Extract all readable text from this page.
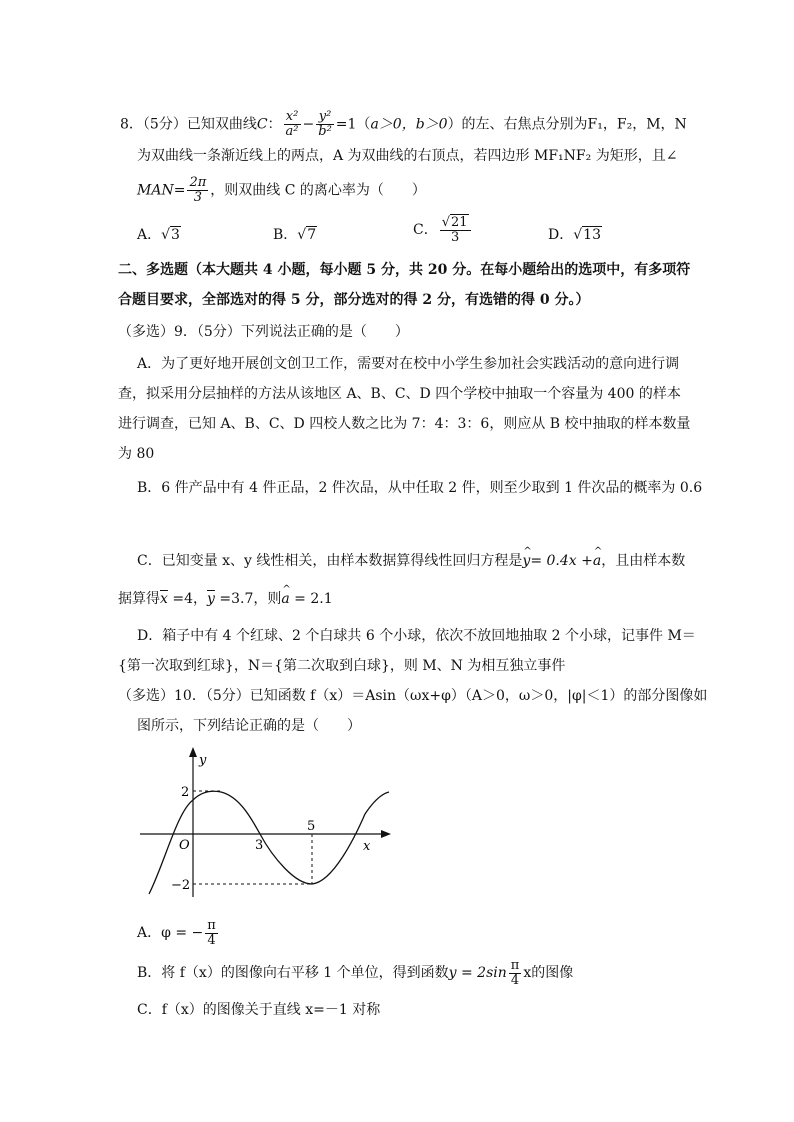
8．（5分）已知双曲线C： $\frac{\text{x²}}{\text{a²}} - \frac{\text{y²}}{\text{b²}} =1(a>0$，b＞0）的左、右焦点分别为F₁，F₂，M，N
为双曲线一条渐近线上的两点，A 为双曲线的右顶点，若四边形 MF₁NF₂ 为矩形，且∠
$MAN= \frac{2\pi}{3}$ ，则双曲线 C 的离心率为（　　）
A．√3	B．√7	C． $\frac{√21}{3}$	D．√13
二、多选题（本大题共 4 小题，每小题 5 分，共 20 分。在每小题给出的选项中，有多项符
合题目要求，全部选对的得 5 分，部分选对的得 2 分，有选错的得 0 分。）
（多选）9．（5分）下列说法正确的是（　　）
A．为了更好地开展创文创卫工作，需要对在校中小学生参加社会实践活动的意向进行调
查，拟采用分层抽样的方法从该地区 A、B、C、D 四个学校中抽取一个容量为 400 的样本
进行调查，已知 A、B、C、D 四校人数之比为 7：4：3：6，则应从 B 校中抽取的样本数量
为 80
B．6 件产品中有 4 件正品，2 件次品，从中任取 2 件，则至少取到 1 件次品的概率为 0.6
C．已知变量 x、y 线性相关，由样本数据算得线性回归方程是^ y= 0.4x +^ a，且由样本数
据算得$\overline{x} =4$，$\overline{y} =3.7$，则^ a = 2.1
D．箱子中有 4 个红球、2 个白球共 6 个小球，依次不放回地抽取 2 个小球，记事件 M＝
{第一次取到红球}，N＝{第二次取到白球}，则 M、N 为相互独立事件
（多选）10．（5分）已知函数 f（x）＝Asin（ωx+φ）（A＞0，ω＞0，|φ|＜1）的部分图像如
图所示，下列结论正确的是（　　）
y
x
O
2
−2
3
5
A．φ = − $\frac{\pi}{4}$
B．将 f（x）的图像向右平移 1 个单位，得到函数$y = 2\sin \frac{\pi}{4}$ x的图像
C．f（x）的图像关于直线 x=－1 对称
